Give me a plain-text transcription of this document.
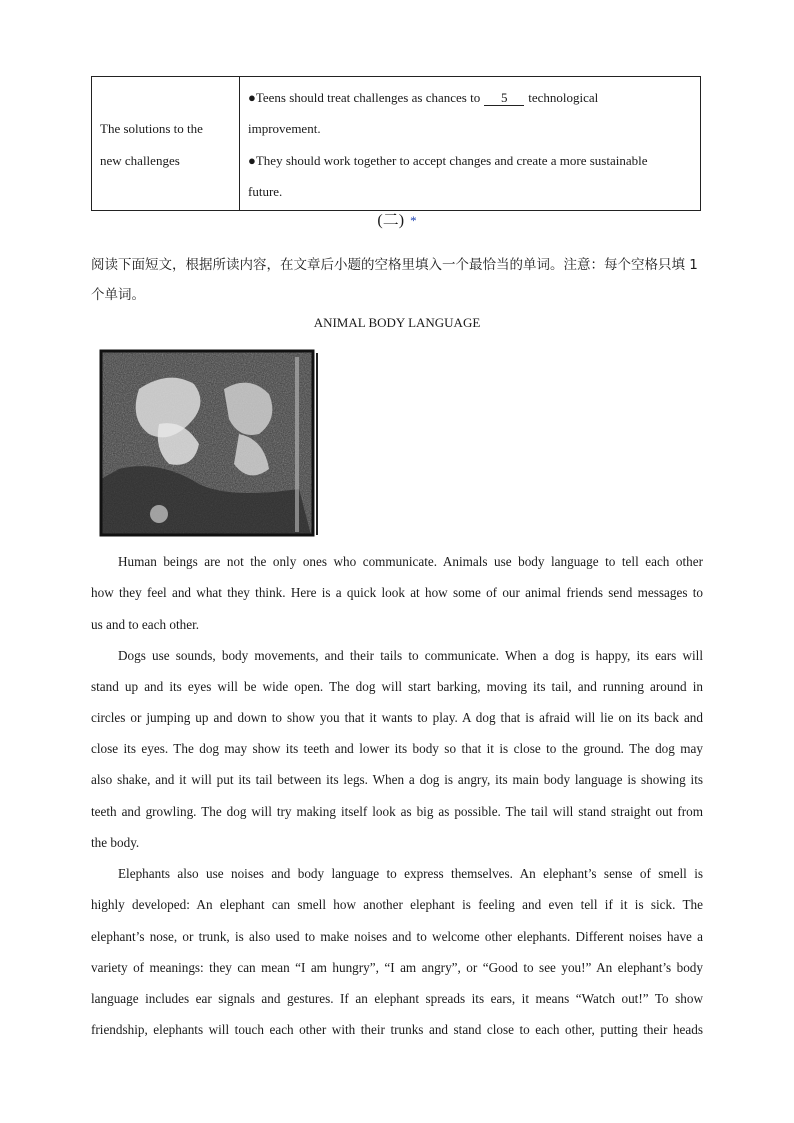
The solutions to the
new challenges
●Teens should treat challenges as chances to 5 technological
improvement.
●They should work together to accept changes and create a more sustainable
future.
(二) *
阅读下面短文，根据所读内容，在文章后小题的空格里填入一个最恰当的单词。注意：每个空格只填 1 个单词。
ANIMAL BODY LANGUAGE
Human beings are not the only ones who communicate. Animals use body language to tell each other
how they feel and what they think. Here is a quick look at how some of our animal friends send messages to
us and to each other.
Dogs use sounds, body movements, and their tails to communicate. When a dog is happy, its ears will
stand up and its eyes will be wide open. The dog will start barking, moving its tail, and running around in
circles or jumping up and down to show you that it wants to play. A dog that is afraid will lie on its back and
close its eyes. The dog may show its teeth and lower its body so that it is close to the ground. The dog may
also shake, and it will put its tail between its legs. When a dog is angry, its main body language is showing its
teeth and growling. The dog will try making itself look as big as possible. The tail will stand straight out from
the body.
Elephants also use noises and body language to express themselves. An elephant’s sense of smell is
highly developed: An elephant can smell how another elephant is feeling and even tell if it is sick. The
elephant’s nose, or trunk, is also used to make noises and to welcome other elephants. Different noises have a
variety of meanings: they can mean “I am hungry”, “I am angry”, or “Good to see you!” An elephant’s body
language includes ear signals and gestures. If an elephant spreads its ears, it means “Watch out!” To show
friendship, elephants will touch each other with their trunks and stand close to each other, putting their heads
